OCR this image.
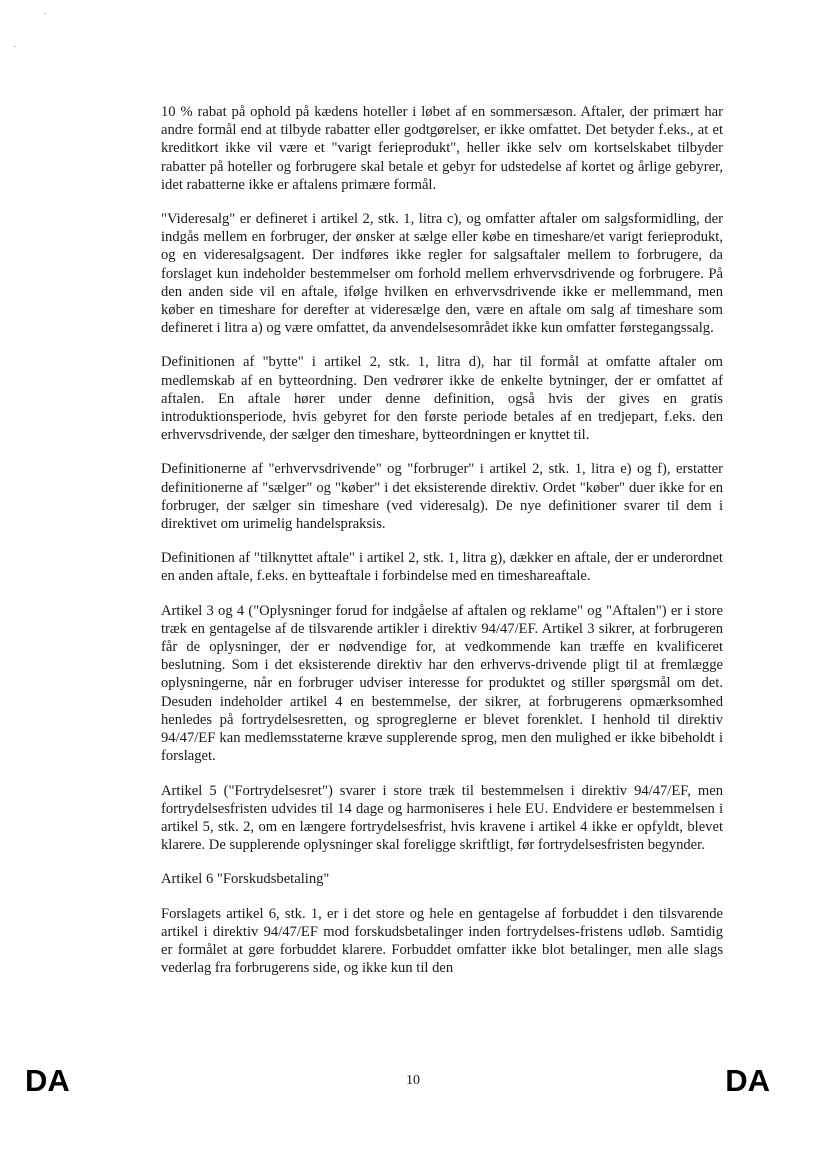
10 % rabat på ophold på kædens hoteller i løbet af en sommersæson. Aftaler, der primært har andre formål end at tilbyde rabatter eller godtgørelser, er ikke omfattet. Det betyder f.eks., at et kreditkort ikke vil være et "varigt ferieprodukt", heller ikke selv om kortselskabet tilbyder rabatter på hoteller og forbrugere skal betale et gebyr for udstedelse af kortet og årlige gebyrer, idet rabatterne ikke er aftalens primære formål.

"Videresalg" er defineret i artikel 2, stk. 1, litra c), og omfatter aftaler om salgsformidling, der indgås mellem en forbruger, der ønsker at sælge eller købe en timeshare/et varigt ferieprodukt, og en videresalgsagent. Der indføres ikke regler for salgsaftaler mellem to forbrugere, da forslaget kun indeholder bestemmelser om forhold mellem erhvervsdrivende og forbrugere. På den anden side vil en aftale, ifølge hvilken en erhvervsdrivende ikke er mellemmand, men køber en timeshare for derefter at videresælge den, være en aftale om salg af timeshare som defineret i litra a) og være omfattet, da anvendelsesområdet ikke kun omfatter førstegangssalg.

Definitionen af "bytte" i artikel 2, stk. 1, litra d), har til formål at omfatte aftaler om medlemskab af en bytteordning. Den vedrører ikke de enkelte bytninger, der er omfattet af aftalen. En aftale hører under denne definition, også hvis der gives en gratis introduktionsperiode, hvis gebyret for den første periode betales af en tredjepart, f.eks. den erhvervsdrivende, der sælger den timeshare, bytteordningen er knyttet til.

Definitionerne af "erhvervsdrivende" og "forbruger" i artikel 2, stk. 1, litra e) og f), erstatter definitionerne af "sælger" og "køber" i det eksisterende direktiv. Ordet "køber" duer ikke for en forbruger, der sælger sin timeshare (ved videresalg). De nye definitioner svarer til dem i direktivet om urimelig handelspraksis.

Definitionen af "tilknyttet aftale" i artikel 2, stk. 1, litra g), dækker en aftale, der er underordnet en anden aftale, f.eks. en bytteaftale i forbindelse med en timeshareaftale.

Artikel 3 og 4 ("Oplysninger forud for indgåelse af aftalen og reklame" og "Aftalen") er i store træk en gentagelse af de tilsvarende artikler i direktiv 94/47/EF. Artikel 3 sikrer, at forbrugeren får de oplysninger, der er nødvendige for, at vedkommende kan træffe en kvalificeret beslutning. Som i det eksisterende direktiv har den erhvervs-drivende pligt til at fremlægge oplysningerne, når en forbruger udviser interesse for produktet og stiller spørgsmål om det. Desuden indeholder artikel 4 en bestemmelse, der sikrer, at forbrugerens opmærksomhed henledes på fortrydelsesretten, og sprogreglerne er blevet forenklet. I henhold til direktiv 94/47/EF kan medlemsstaterne kræve supplerende sprog, men den mulighed er ikke bibeholdt i forslaget.

Artikel 5 ("Fortrydelsesret") svarer i store træk til bestemmelsen i direktiv 94/47/EF, men fortrydelsesfristen udvides til 14 dage og harmoniseres i hele EU. Endvidere er bestemmelsen i artikel 5, stk. 2, om en længere fortrydelsesfrist, hvis kravene i artikel 4 ikke er opfyldt, blevet klarere. De supplerende oplysninger skal foreligge skriftligt, før fortrydelsesfristen begynder.

Artikel 6 "Forskudsbetaling"

Forslagets artikel 6, stk. 1, er i det store og hele en gentagelse af forbuddet i den tilsvarende artikel i direktiv 94/47/EF mod forskudsbetalinger inden fortrydelses-fristens udløb. Samtidig er formålet at gøre forbuddet klarere. Forbuddet omfatter ikke blot betalinger, men alle slags vederlag fra forbrugerens side, og ikke kun til den

DA	10	DA
